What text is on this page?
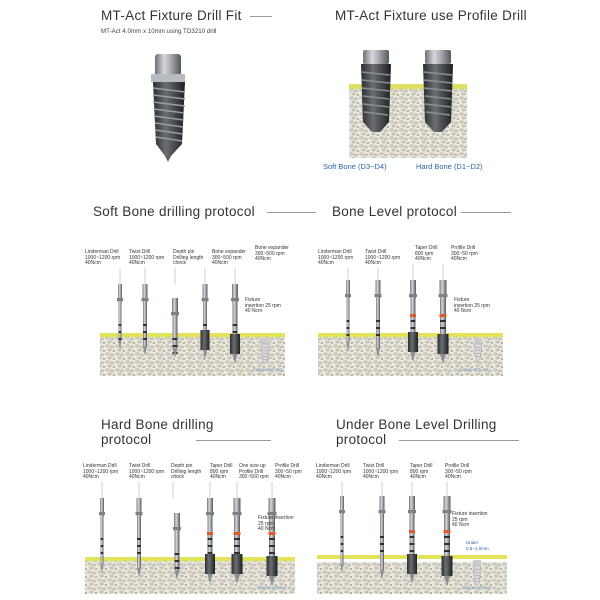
MT-Act Fixture Drill Fit
MT-Act 4.0mm x 10mm using TD3210 drill
MT-Act Fixture use Profile Drill
Soft Bone (D3~D4)	Hard Bone (D1~D2)
Soft Bone drilling protocol
Linderman Drill
1000~1200 rpm
40Ncm
Twist Drill
1000~1200 rpm
40Ncm
Depth pin
Drilling length
check
Bone expander
300~500 rpm
40Ncm
Bone expander
300~500 rpm
40Ncm
Fixture
insertion 25 rpm
40 Ncm
Fixture MT-Act
Bone Level protocol
Linderman Drill
1000~1200 rpm
40Ncm
Twist Drill
1000~1200 rpm
40Ncm
Taper Drill
800 rpm
40Ncm
Profile Drill
300~50 rpm
40Ncm
Fixture
insertion 25 rpm
40 Ncm
Fixture MT-Act
Hard Bone drilling protocol
Linderman Drill
1000~1200 rpm
40Ncm
Twist Drill
1000~1200 rpm
40Ncm
Depth pin
Drilling length
check
Taper Drill
800 rpm
40Ncm
One size up
Profile Drill
300~500 rpm
Profile Drill
300~50 rpm
40Ncm
Fixture insertion
25 rpm
40 Ncm
Fixture MT-Act
Under Bone Level Drilling protocol
Linderman Drill
1000~1200 rpm
40Ncm
Twist Drill
1000~1200 rpm
40Ncm
Taper Drill
800 rpm
40Ncm
Profile Drill
300~50 rpm
40Ncm
Fixture insertion
25 rpm
40 Ncm
Under
0.5~1.0mm
Fixture MT-Act
